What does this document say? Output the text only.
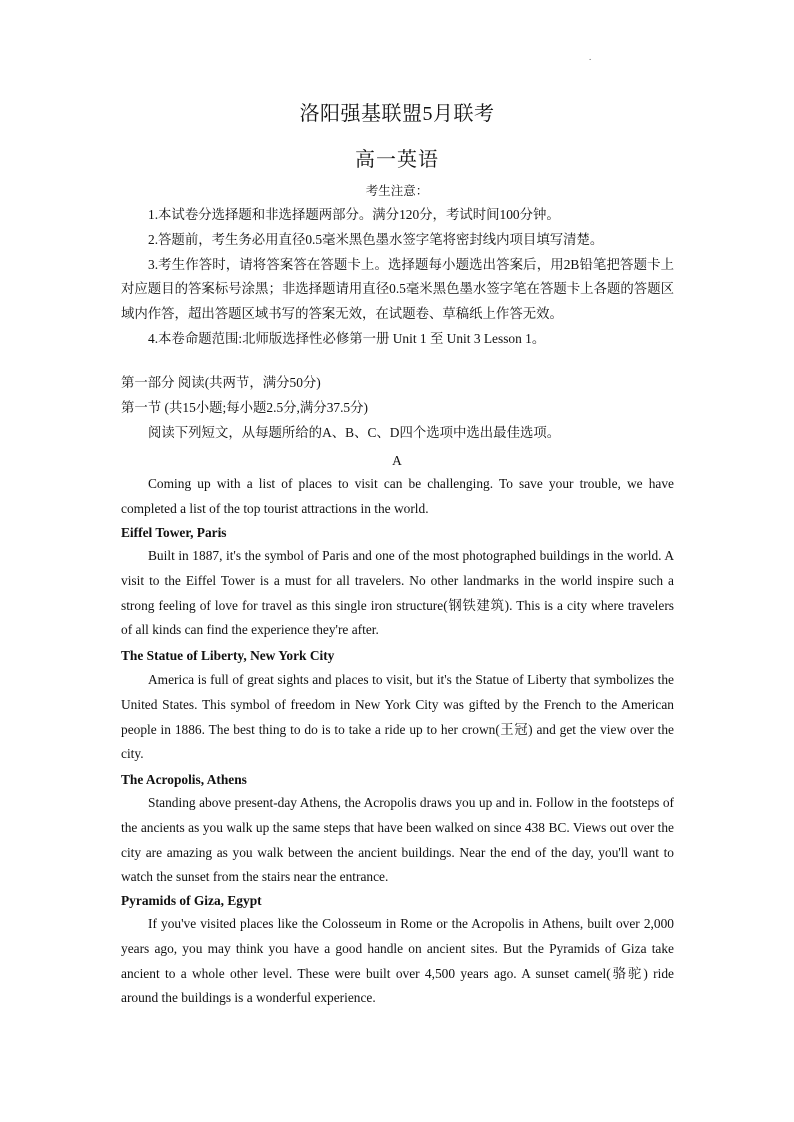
.
洛阳强基联盟5月联考
高一英语
考生注意：

1.本试卷分选择题和非选择题两部分。满分120分，考试时间100分钟。

2.答题前，考生务必用直径0.5毫米黑色墨水签字笔将密封线内项目填写清楚。

3.考生作答时，请将答案答在答题卡上。选择题每小题选出答案后，用2B铅笔把答题卡上对应题目的答案标号涂黑；非选择题请用直径0.5毫米黑色墨水签字笔在答题卡上各题的答题区域内作答，超出答题区域书写的答案无效，在试题卷、草稿纸上作答无效。

4.本卷命题范围:北师版选择性必修第一册 Unit 1 至 Unit 3 Lesson 1。

第一部分 阅读(共两节，满分50分)
第一节 (共15小题;每小题2.5分,满分37.5分)
阅读下列短文，从每题所给的A、B、C、D四个选项中选出最佳选项。
A

Coming up with a list of places to visit can be challenging. To save your trouble, we have completed a list of the top tourist attractions in the world.

Eiffel Tower, Paris

Built in 1887, it's the symbol of Paris and one of the most photographed buildings in the world. A visit to the Eiffel Tower is a must for all travelers. No other landmarks in the world inspire such a strong feeling of love for travel as this single iron structure(钢铁建筑). This is a city where travelers of all kinds can find the experience they're after.

The Statue of Liberty, New York City

America is full of great sights and places to visit, but it's the Statue of Liberty that symbolizes the United States. This symbol of freedom in New York City was gifted by the French to the American people in 1886. The best thing to do is to take a ride up to her crown(王冠) and get the view over the city.

The Acropolis, Athens

Standing above present-day Athens, the Acropolis draws you up and in. Follow in the footsteps of the ancients as you walk up the same steps that have been walked on since 438 BC. Views out over the city are amazing as you walk between the ancient buildings. Near the end of the day, you'll want to watch the sunset from the stairs near the entrance.

Pyramids of Giza, Egypt

If you've visited places like the Colosseum in Rome or the Acropolis in Athens, built over 2,000 years ago, you may think you have a good handle on ancient sites. But the Pyramids of Giza take ancient to a whole other level. These were built over 4,500 years ago. A sunset camel(骆驼) ride around the buildings is a wonderful experience.
